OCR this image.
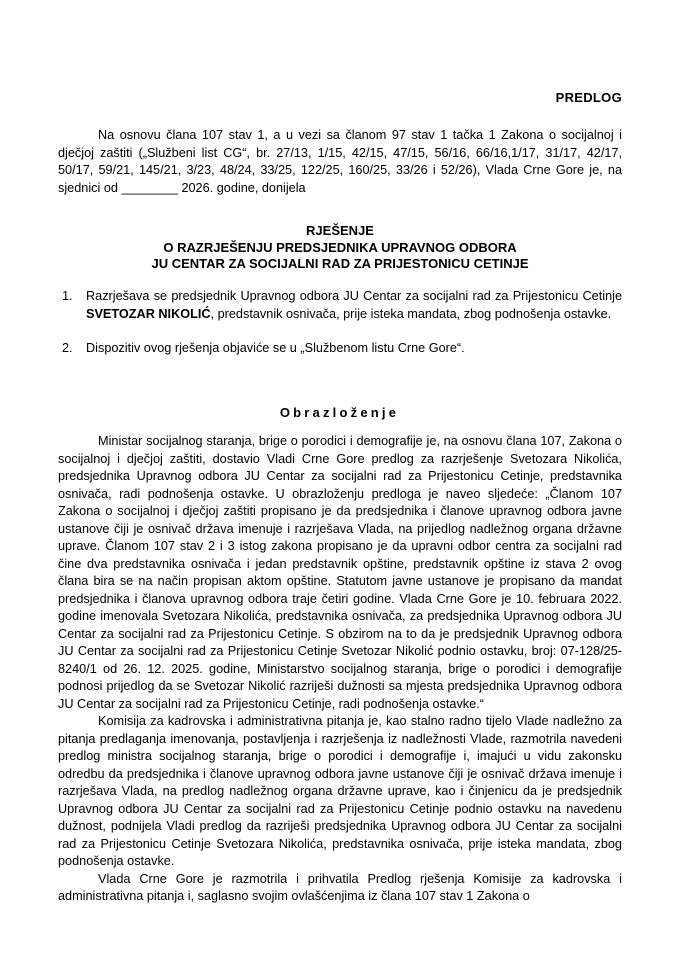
PREDLOG
Na osnovu člana 107 stav 1, a u vezi sa članom 97 stav 1 tačka 1 Zakona o socijalnoj i dječjoj zaštiti („Službeni list CG“, br. 27/13, 1/15, 42/15, 47/15, 56/16, 66/16,1/17, 31/17, 42/17, 50/17, 59/21, 145/21, 3/23, 48/24, 33/25, 122/25, 160/25, 33/26 i 52/26), Vlada Crne Gore je, na sjednici od ________ 2026. godine, donijela
RJEŠENJE
O RAZRJEŠENJU PREDSJEDNIKA UPRAVNOG ODBORA
JU CENTAR ZA SOCIJALNI RAD ZA PRIJESTONICU CETINJE
1. Razrješava se predsjednik Upravnog odbora JU Centar za socijalni rad za Prijestonicu Cetinje SVETOZAR NIKOLIĆ, predstavnik osnivača, prije isteka mandata, zbog podnošenja ostavke.
2. Dispozitiv ovog rješenja objaviće se u „Službenom listu Crne Gore“.
Obrazloženje

Ministar socijalnog staranja, brige o porodici i demografije je, na osnovu člana 107, Zakona o socijalnoj i dječjoj zaštiti, dostavio Vladi Crne Gore predlog za razrješenje Svetozara Nikolića, predsjednika Upravnog odbora JU Centar za socijalni rad za Prijestonicu Cetinje, predstavnika osnivača, radi podnošenja ostavke. U obrazloženju predloga je naveo sljedeće: „Članom 107 Zakona o socijalnoj i dječjoj zaštiti propisano je da predsjednika i članove upravnog odbora javne ustanove čiji je osnivač država imenuje i razrješava Vlada, na prijedlog nadležnog organa državne uprave. Članom 107 stav 2 i 3 istog zakona propisano je da upravni odbor centra za socijalni rad čine dva predstavnika osnivača i jedan predstavnik opštine, predstavnik opštine iz stava 2 ovog člana bira se na način propisan aktom opštine. Statutom javne ustanove je propisano da mandat predsjednika i članova upravnog odbora traje četiri godine. Vlada Crne Gore je 10. februara 2022. godine imenovala Svetozara Nikolića, predstavnika osnivača, za predsjednika Upravnog odbora JU Centar za socijalni rad za Prijestonicu Cetinje. S obzirom na to da je predsjednik Upravnog odbora JU Centar za socijalni rad za Prijestonicu Cetinje Svetozar Nikolić podnio ostavku, broj: 07-128/25-8240/1 od 26. 12. 2025. godine, Ministarstvo socijalnog staranja, brige o porodici i demografije podnosi prijedlog da se Svetozar Nikolić razriješi dužnosti sa mjesta predsjednika Upravnog odbora JU Centar za socijalni rad za Prijestonicu Cetinje, radi podnošenja ostavke.“

Komisija za kadrovska i administrativna pitanja je, kao stalno radno tijelo Vlade nadležno za pitanja predlaganja imenovanja, postavljenja i razrješenja iz nadležnosti Vlade, razmotrila navedeni predlog ministra socijalnog staranja, brige o porodici i demografije i, imajući u vidu zakonsku odredbu da predsjednika i članove upravnog odbora javne ustanove čiji je osnivač država imenuje i razrješava Vlada, na predlog nadležnog organa državne uprave, kao i činjenicu da je predsjednik Upravnog odbora JU Centar za socijalni rad za Prijestonicu Cetinje podnio ostavku na navedenu dužnost, podnijela Vladi predlog da razriješi predsjednika Upravnog odbora JU Centar za socijalni rad za Prijestonicu Cetinje Svetozara Nikolića, predstavnika osnivača, prije isteka mandata, zbog podnošenja ostavke.

Vlada Crne Gore je razmotrila i prihvatila Predlog rješenja Komisije za kadrovska i administrativna pitanja i, saglasno svojim ovlašćenjima iz člana 107 stav 1 Zakona o
